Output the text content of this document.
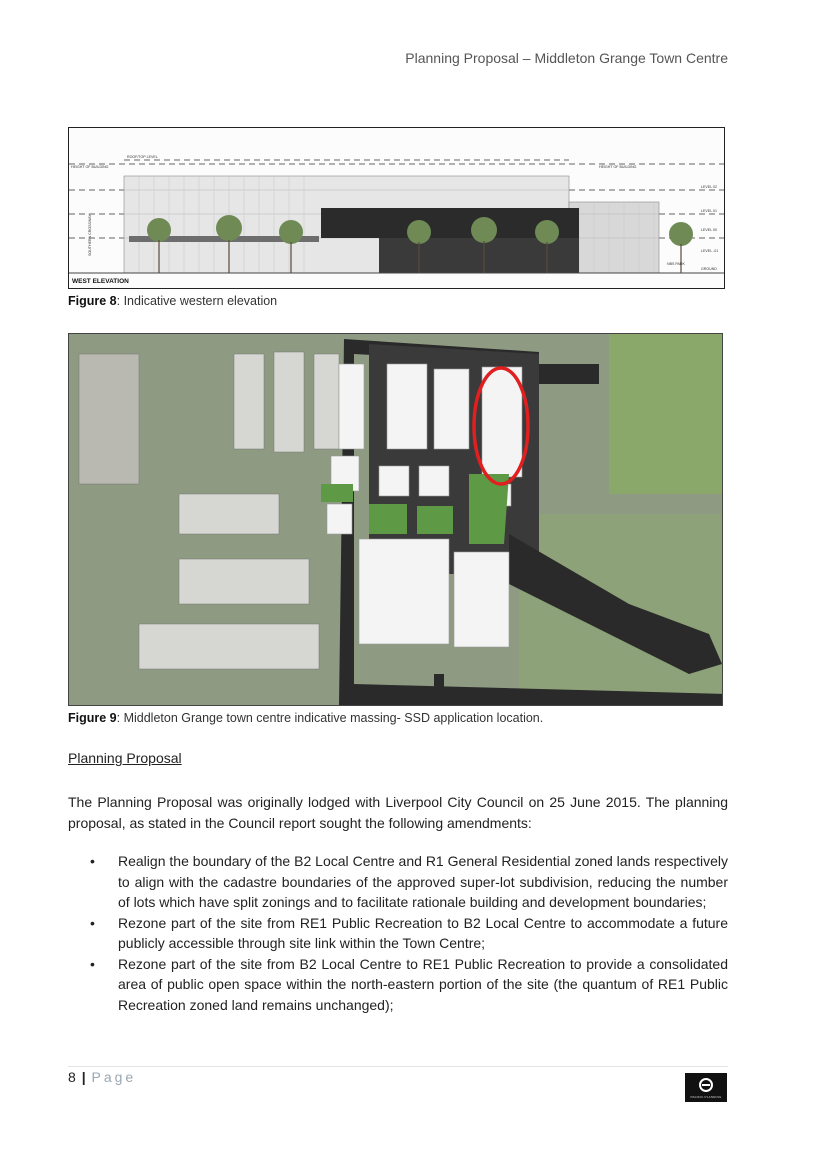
Planning Proposal – Middleton Grange Town Centre
HEIGHT OF BUILDING	HEIGHT OF BUILDING
ROOF/TOP LEVEL
LEVEL 02
LEVEL 01
LEVEL 00
LEVEL -01
GROUND
NBS PARK
SOUTHERN CROSSWAY
WEST ELEVATION
Figure 8: Indicative western elevation
Figure 9: Middleton Grange town centre indicative massing- SSD application location.
Planning Proposal
The Planning Proposal was originally lodged with Liverpool City Council on 25 June 2015. The planning proposal, as stated in the Council report sought the following amendments:
• Realign the boundary of the B2 Local Centre and R1 General Residential zoned lands respectively to align with the cadastre boundaries of the approved super-lot subdivision, reducing the number of lots which have split zonings and to facilitate rationale building and development boundaries;
• Rezone part of the site from RE1 Public Recreation to B2 Local Centre to accommodate a future publicly accessible through site link within the Town Centre;
• Rezone part of the site from B2 Local Centre to RE1 Public Recreation to provide a consolidated area of public open space within the north-eastern portion of the site (the quantum of RE1 Public Recreation zoned land remains unchanged);
8 | Page
PACIFIC PLANNING
